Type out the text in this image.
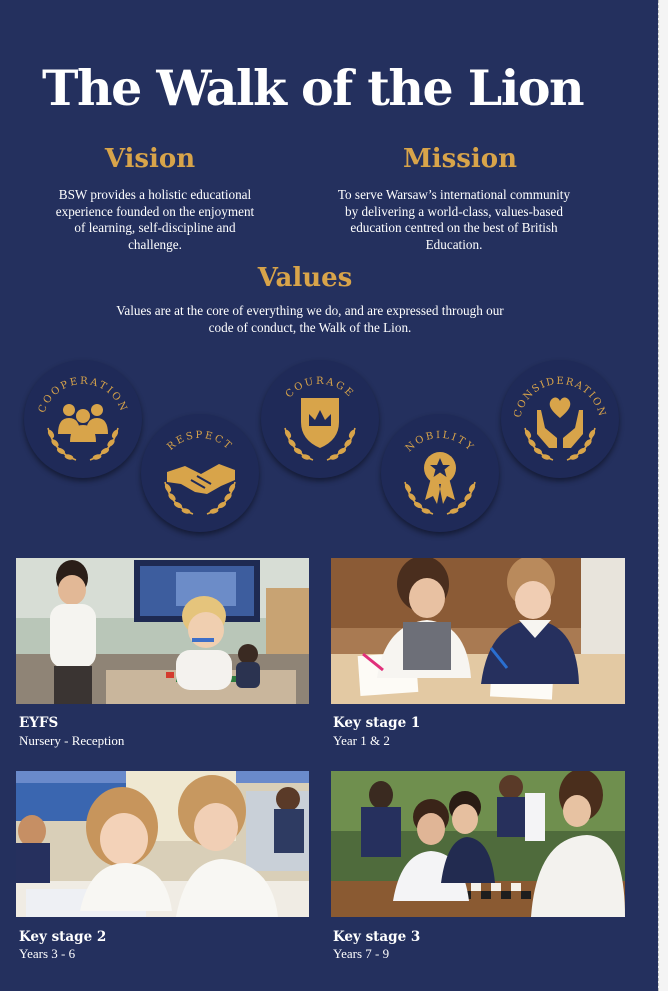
The Walk of the Lion
Vision

BSW provides a holistic educational experience founded on the enjoyment of learning, self-discipline and challenge.

Mission

To serve Warsaw’s international community by delivering a world-class, values-based education centred on the best of British Education.

Values

Values are at the core of everything we do, and are expressed through our code of conduct, the Walk of the Lion.

COOPERATION
RESPECT
COURAGE
NOBILITY
CONSIDERATION
EYFS
Nursery - Reception
Key stage 1
Year 1 & 2
Key stage 2
Years 3 - 6
Key stage 3
Years 7 - 9
